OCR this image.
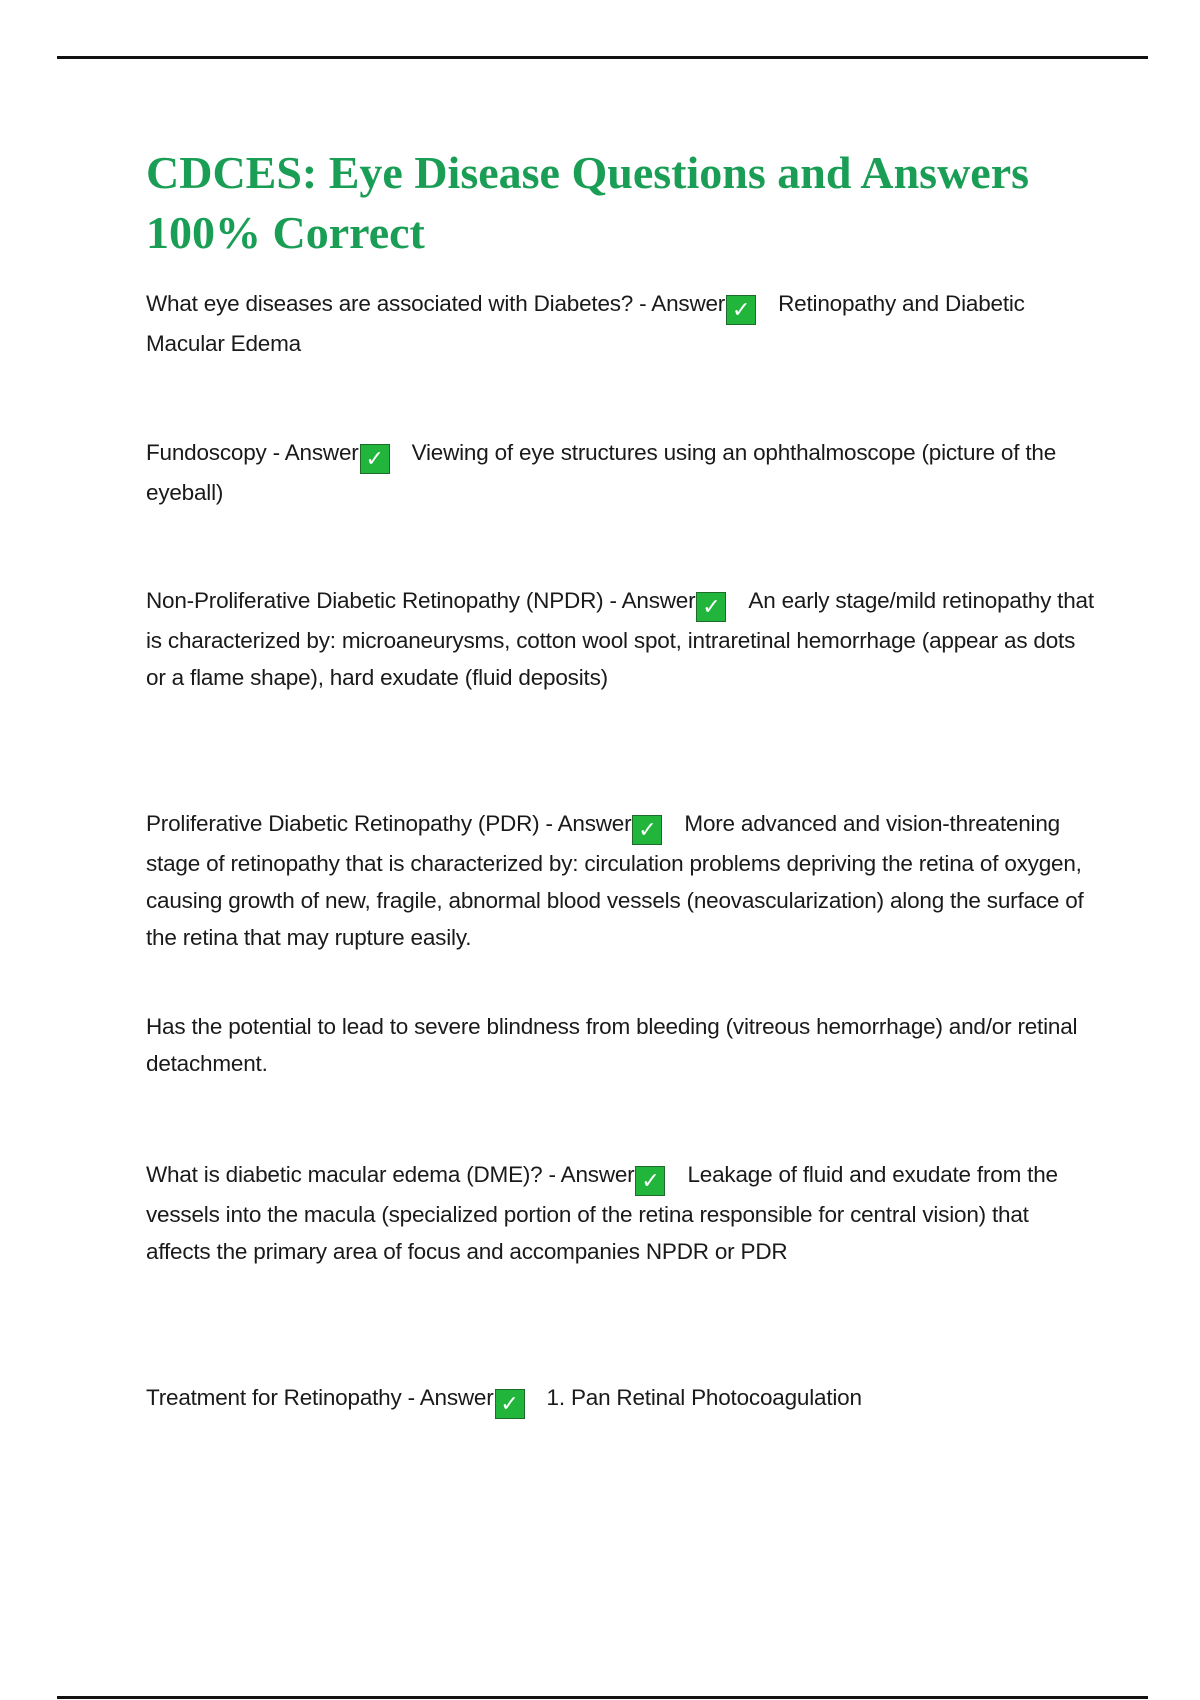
CDCES: Eye Disease Questions and Answers 100% Correct

What eye diseases are associated with Diabetes? - Answer ✓ Retinopathy and Diabetic Macular Edema

Fundoscopy - Answer ✓ Viewing of eye structures using an ophthalmoscope (picture of the eyeball)

Non-Proliferative Diabetic Retinopathy (NPDR) - Answer ✓ An early stage/mild retinopathy that is characterized by: microaneurysms, cotton wool spot, intraretinal hemorrhage (appear as dots or a flame shape), hard exudate (fluid deposits)

Proliferative Diabetic Retinopathy (PDR) - Answer ✓ More advanced and vision-threatening stage of retinopathy that is characterized by: circulation problems depriving the retina of oxygen, causing growth of new, fragile, abnormal blood vessels (neovascularization) along the surface of the retina that may rupture easily.

Has the potential to lead to severe blindness from bleeding (vitreous hemorrhage) and/or retinal detachment.

What is diabetic macular edema (DME)? - Answer ✓ Leakage of fluid and exudate from the vessels into the macula (specialized portion of the retina responsible for central vision) that affects the primary area of focus and accompanies NPDR or PDR

Treatment for Retinopathy - Answer ✓ 1. Pan Retinal Photocoagulation
